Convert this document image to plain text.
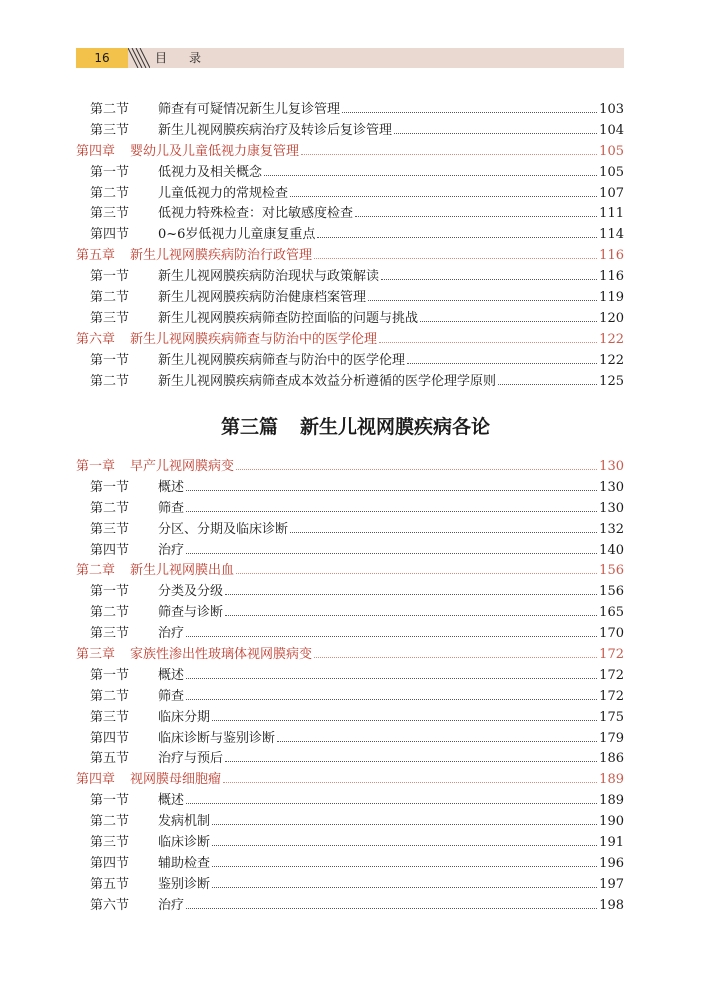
16	目录
第二节	筛查有可疑情况新生儿复诊管理	103
第三节	新生儿视网膜疾病治疗及转诊后复诊管理	104
第四章	婴幼儿及儿童低视力康复管理	105
第一节	低视力及相关概念	105
第二节	儿童低视力的常规检查	107
第三节	低视力特殊检查：对比敏感度检查	111
第四节	0~6岁低视力儿童康复重点	114
第五章	新生儿视网膜疾病防治行政管理	116
第一节	新生儿视网膜疾病防治现状与政策解读	116
第二节	新生儿视网膜疾病防治健康档案管理	119
第三节	新生儿视网膜疾病筛查防控面临的问题与挑战	120
第六章	新生儿视网膜疾病筛查与防治中的医学伦理	122
第一节	新生儿视网膜疾病筛查与防治中的医学伦理	122
第二节	新生儿视网膜疾病筛查成本效益分析遵循的医学伦理学原则	125
第三篇 新生儿视网膜疾病各论
第一章	早产儿视网膜病变	130
第一节	概述	130
第二节	筛查	130
第三节	分区、分期及临床诊断	132
第四节	治疗	140
第二章	新生儿视网膜出血	156
第一节	分类及分级	156
第二节	筛查与诊断	165
第三节	治疗	170
第三章	家族性渗出性玻璃体视网膜病变	172
第一节	概述	172
第二节	筛查	172
第三节	临床分期	175
第四节	临床诊断与鉴别诊断	179
第五节	治疗与预后	186
第四章	视网膜母细胞瘤	189
第一节	概述	189
第二节	发病机制	190
第三节	临床诊断	191
第四节	辅助检查	196
第五节	鉴别诊断	197
第六节	治疗	198
